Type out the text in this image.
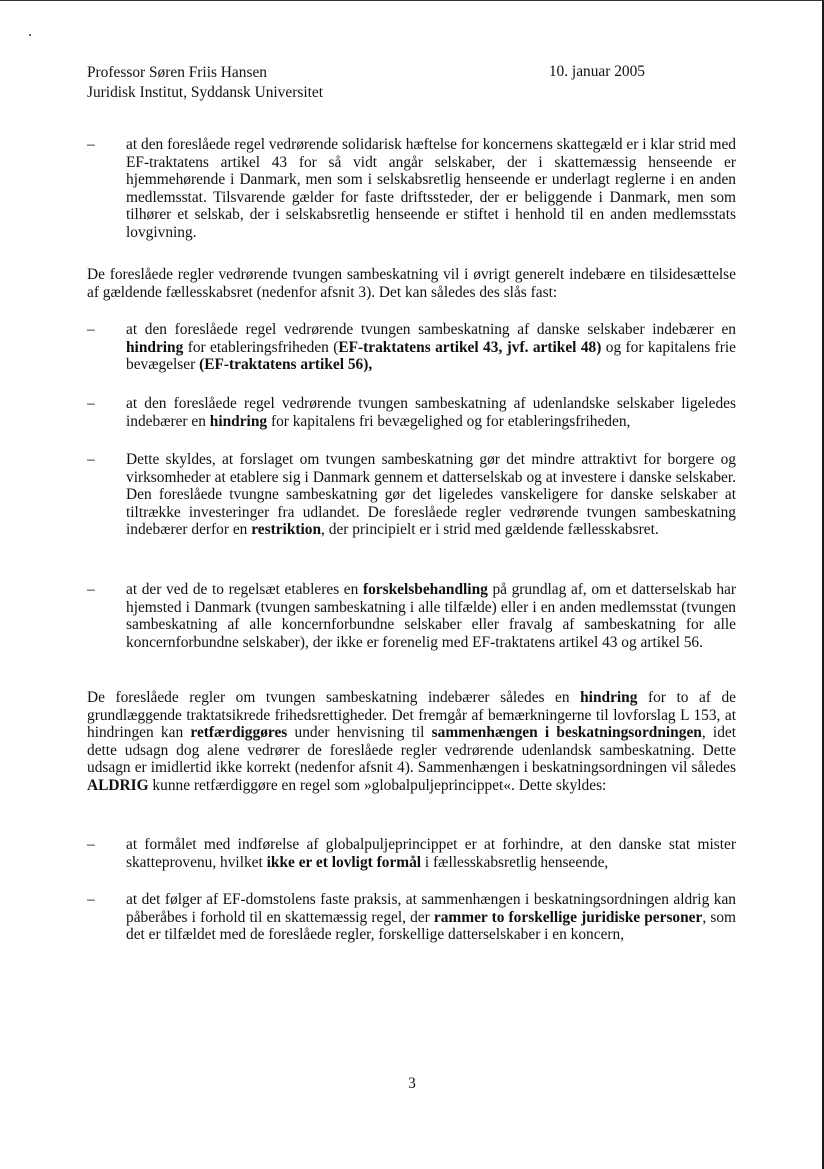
Professor Søren Friis Hansen
Juridisk Institut, Syddansk Universitet
10. januar 2005
–	at den foreslåede regel vedrørende solidarisk hæftelse for koncernens skattegæld er i klar strid med EF-traktatens artikel 43 for så vidt angår selskaber, der i skattemæssig henseende er hjemmehørende i Danmark, men som i selskabsretlig henseende er underlagt reglerne i en anden medlemsstat. Tilsvarende gælder for faste driftssteder, der er beliggende i Danmark, men som tilhører et selskab, der i selskabsretlig henseende er stiftet i henhold til en anden medlemsstats lovgivning.

De foreslåede regler vedrørende tvungen sambeskatning vil i øvrigt generelt indebære en tilsidesættelse af gældende fællesskabsret (nedenfor afsnit 3). Det kan således des slås fast:

–	at den foreslåede regel vedrørende tvungen sambeskatning af danske selskaber indebærer en hindring for etableringsfriheden (EF-traktatens artikel 43, jvf. artikel 48) og for kapitalens frie bevægelser (EF-traktatens artikel 56),
–	at den foreslåede regel vedrørende tvungen sambeskatning af udenlandske selskaber ligeledes indebærer en hindring for kapitalens fri bevægelighed og for etableringsfriheden,
–	Dette skyldes, at forslaget om tvungen sambeskatning gør det mindre attraktivt for borgere og virksomheder at etablere sig i Danmark gennem et datterselskab og at investere i danske selskaber. Den foreslåede tvungne sambeskatning gør det ligeledes vanskeligere for danske selskaber at tiltrække investeringer fra udlandet. De foreslåede regler vedrørende tvungen sambeskatning indebærer derfor en restriktion, der principielt er i strid med gældende fællesskabsret.
–	at der ved de to regelsæt etableres en forskelsbehandling på grundlag af, om et datterselskab har hjemsted i Danmark (tvungen sambeskatning i alle tilfælde) eller i en anden medlemsstat (tvungen sambeskatning af alle koncernforbundne selskaber eller fravalg af sambeskatning for alle koncernforbundne selskaber), der ikke er forenelig med EF-traktatens artikel 43 og artikel 56.

De foreslåede regler om tvungen sambeskatning indebærer således en hindring for to af de grundlæggende traktatsikrede frihedsrettigheder. Det fremgår af bemærkningerne til lovforslag L 153, at hindringen kan retfærdiggøres under henvisning til sammenhængen i beskatningsordningen, idet dette udsagn dog alene vedrører de foreslåede regler vedrørende udenlandsk sambeskatning. Dette udsagn er imidlertid ikke korrekt (nedenfor afsnit 4). Sammenhængen i beskatningsordningen vil således ALDRIG kunne retfærdiggøre en regel som »globalpuljeprincippet«. Dette skyldes:

–	at formålet med indførelse af globalpuljeprincippet er at forhindre, at den danske stat mister skatteprovenu, hvilket ikke er et lovligt formål i fællesskabsretlig henseende,
–	at det følger af EF-domstolens faste praksis, at sammenhængen i beskatningsordningen aldrig kan påberåbes i forhold til en skattemæssig regel, der rammer to forskellige juridiske personer, som det er tilfældet med de foreslåede regler, forskellige datterselskaber i en koncern,
3
